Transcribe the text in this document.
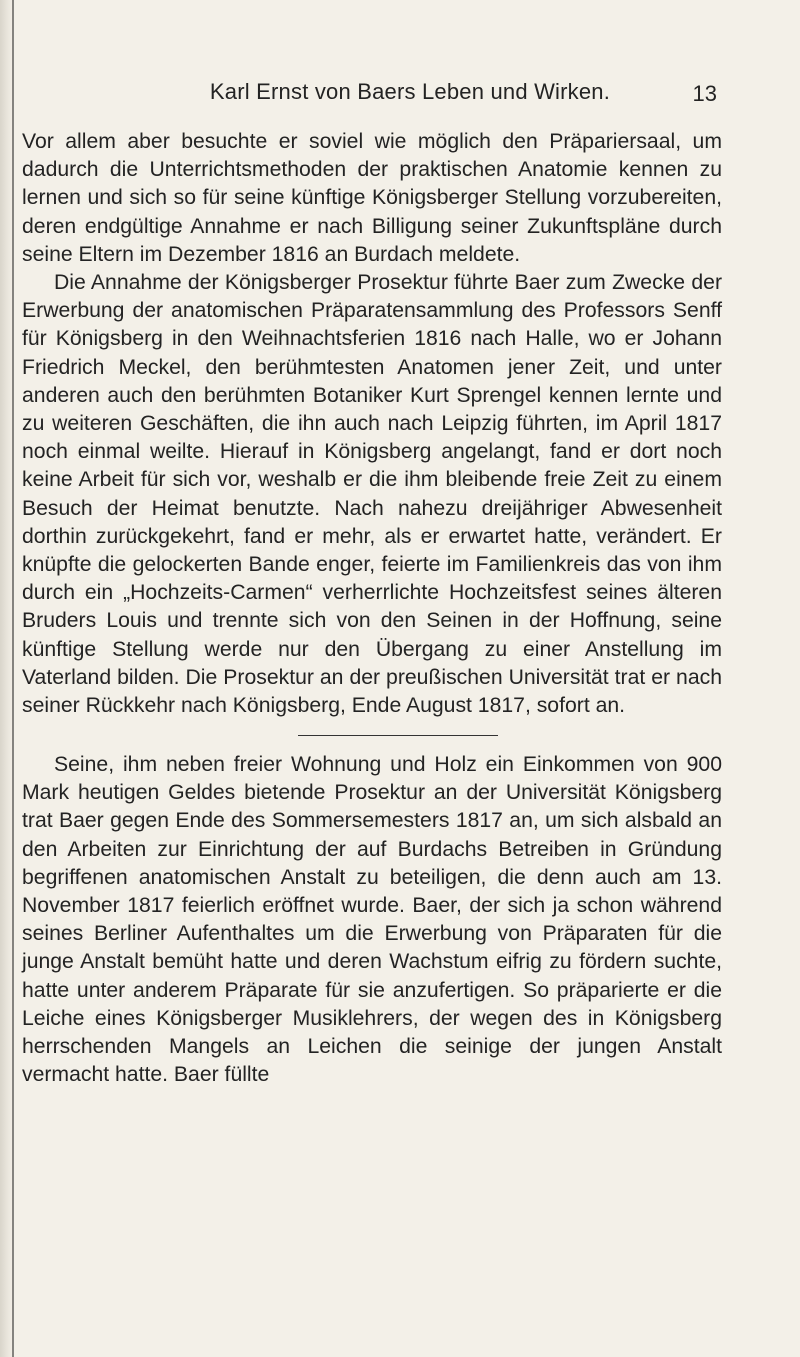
Karl Ernst von Baers Leben und Wirken.	13

Vor allem aber besuchte er soviel wie möglich den Präpariersaal, um dadurch die Unterrichtsmethoden der praktischen Anatomie kennen zu lernen und sich so für seine künftige Königsberger Stellung vorzubereiten, deren endgültige Annahme er nach Billigung seiner Zukunftspläne durch seine Eltern im Dezember 1816 an Burdach meldete.

Die Annahme der Königsberger Prosektur führte Baer zum Zwecke der Erwerbung der anatomischen Präparatensammlung des Professors Senff für Königsberg in den Weihnachtsferien 1816 nach Halle, wo er Johann Friedrich Meckel, den berühmtesten Anatomen jener Zeit, und unter anderen auch den berühmten Botaniker Kurt Sprengel kennen lernte und zu weiteren Geschäften, die ihn auch nach Leipzig führten, im April 1817 noch einmal weilte. Hierauf in Königsberg angelangt, fand er dort noch keine Arbeit für sich vor, weshalb er die ihm bleibende freie Zeit zu einem Besuch der Heimat benutzte. Nach nahezu dreijähriger Abwesenheit dorthin zurückgekehrt, fand er mehr, als er erwartet hatte, verändert. Er knüpfte die gelockerten Bande enger, feierte im Familienkreis das von ihm durch ein „Hochzeits-Carmen“ verherrlichte Hochzeitsfest seines älteren Bruders Louis und trennte sich von den Seinen in der Hoffnung, seine künftige Stellung werde nur den Übergang zu einer Anstellung im Vaterland bilden. Die Prosektur an der preußischen Universität trat er nach seiner Rückkehr nach Königsberg, Ende August 1817, sofort an.

Seine, ihm neben freier Wohnung und Holz ein Einkommen von 900 Mark heutigen Geldes bietende Prosektur an der Universität Königsberg trat Baer gegen Ende des Sommersemesters 1817 an, um sich alsbald an den Arbeiten zur Einrichtung der auf Burdachs Betreiben in Gründung begriffenen anatomischen Anstalt zu beteiligen, die denn auch am 13. November 1817 feierlich eröffnet wurde. Baer, der sich ja schon während seines Berliner Aufenthaltes um die Erwerbung von Präparaten für die junge Anstalt bemüht hatte und deren Wachstum eifrig zu fördern suchte, hatte unter anderem Präparate für sie anzufertigen. So präparierte er die Leiche eines Königsberger Musiklehrers, der wegen des in Königsberg herrschenden Mangels an Leichen die seinige der jungen Anstalt vermacht hatte. Baer füllte
